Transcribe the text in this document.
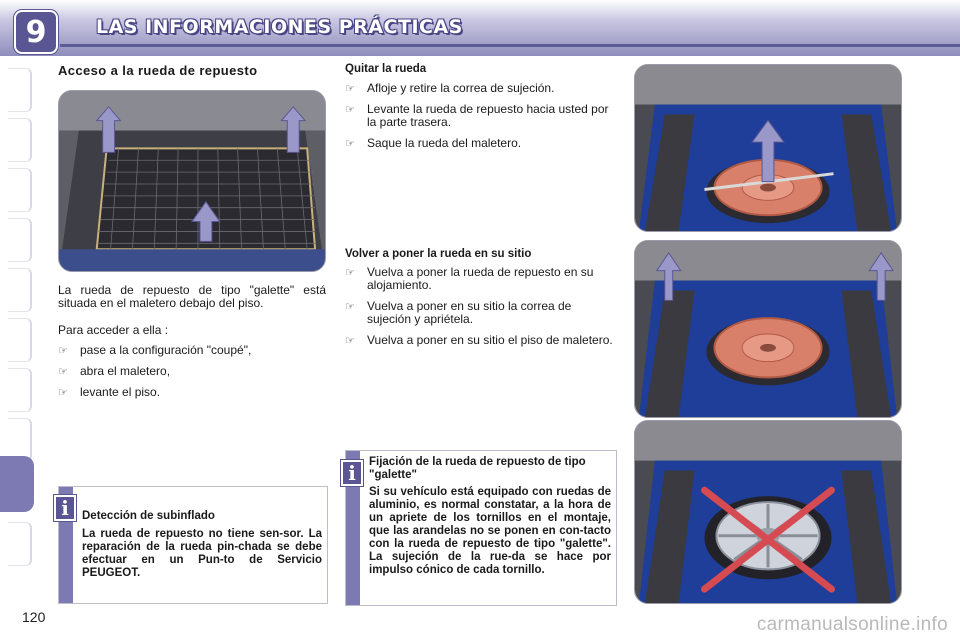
9	LAS INFORMACIONES PRÁCTICAS
Acceso a la rueda de repuesto
La rueda de repuesto de tipo "galette" está situada en el maletero debajo del piso.
Para acceder a ella :
☞ pase a la configuración "coupé",
☞ abra el maletero,
☞ levante el piso.
i	Detección de subinflado
La rueda de repuesto no tiene sen-sor. La reparación de la rueda pin-chada se debe efectuar en un Pun-to de Servicio PEUGEOT.
Quitar la rueda
☞ Afloje y retire la correa de sujeción.
☞ Levante la rueda de repuesto hacia usted por la parte trasera.
☞ Saque la rueda del maletero.
Volver a poner la rueda en su sitio
☞ Vuelva a poner la rueda de repuesto en su alojamiento.
☞ Vuelva a poner en su sitio la correa de sujeción y apriétela.
☞ Vuelva a poner en su sitio el piso de maletero.
i	Fijación de la rueda de repuesto de tipo "galette"
Si su vehículo está equipado con ruedas de aluminio, es normal constatar, a la hora de un apriete de los tornillos en el montaje, que las arandelas no se ponen en con-tacto con la rueda de repuesto de tipo "galette". La sujeción de la rue-da se hace por impulso cónico de cada tornillo.
120	carmanualsonline.info
